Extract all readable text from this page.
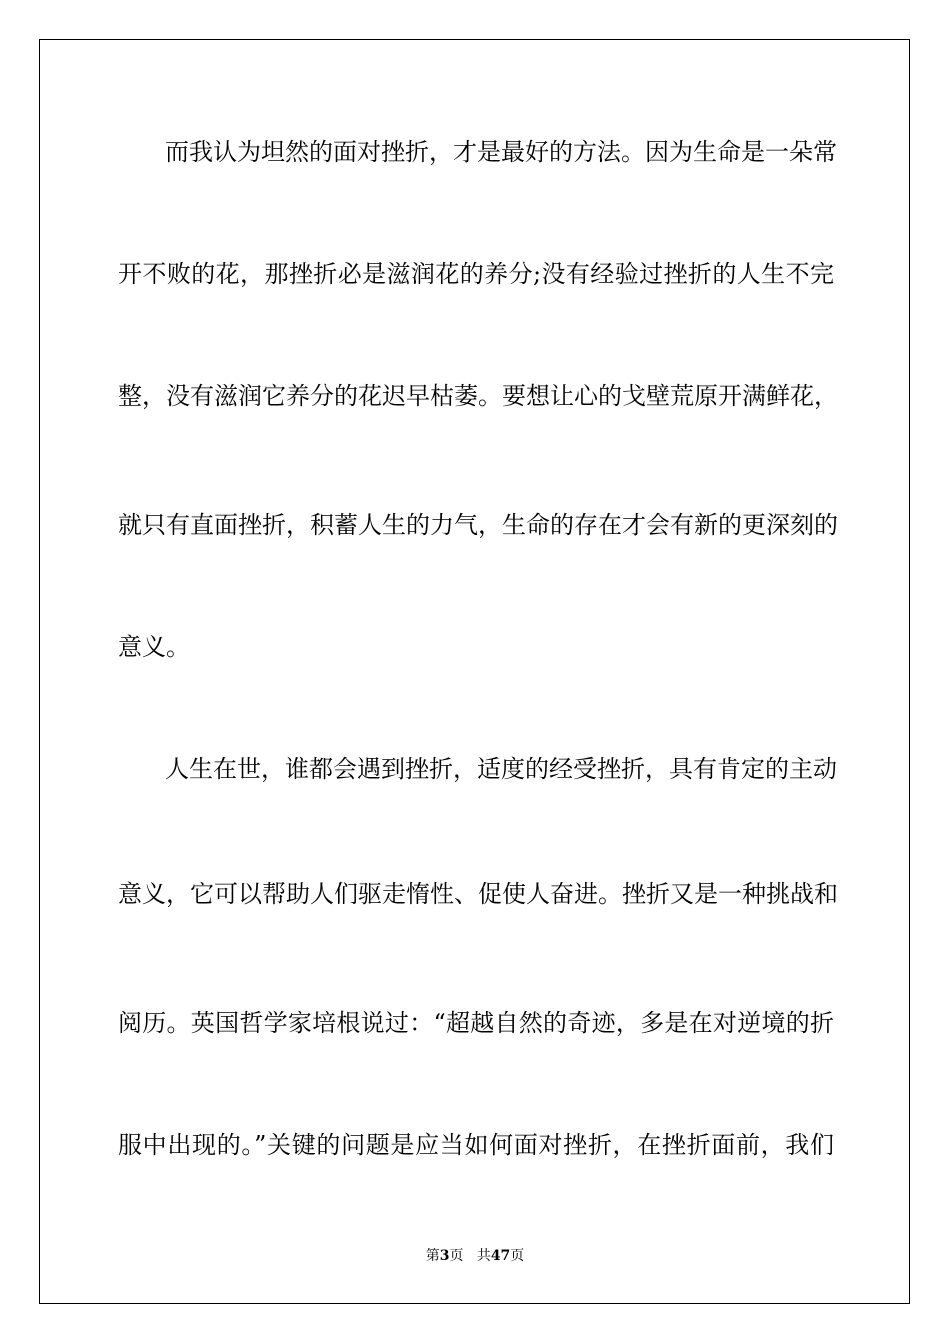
而我认为坦然的面对挫折，才是最好的方法。因为生命是一朵常
开不败的花，那挫折必是滋润花的养分;没有经验过挫折的人生不完
整，没有滋润它养分的花迟早枯萎。要想让心的戈壁荒原开满鲜花，
就只有直面挫折，积蓄人生的力气，生命的存在才会有新的更深刻的
意义。
人生在世，谁都会遇到挫折，适度的经受挫折，具有肯定的主动
意义，它可以帮助人们驱走惰性、促使人奋进。挫折又是一种挑战和
阅历。英国哲学家培根说过：“超越自然的奇迹，多是在对逆境的折
服中出现的。”关键的问题是应当如何面对挫折，在挫折面前，我们
第3页 共47页
